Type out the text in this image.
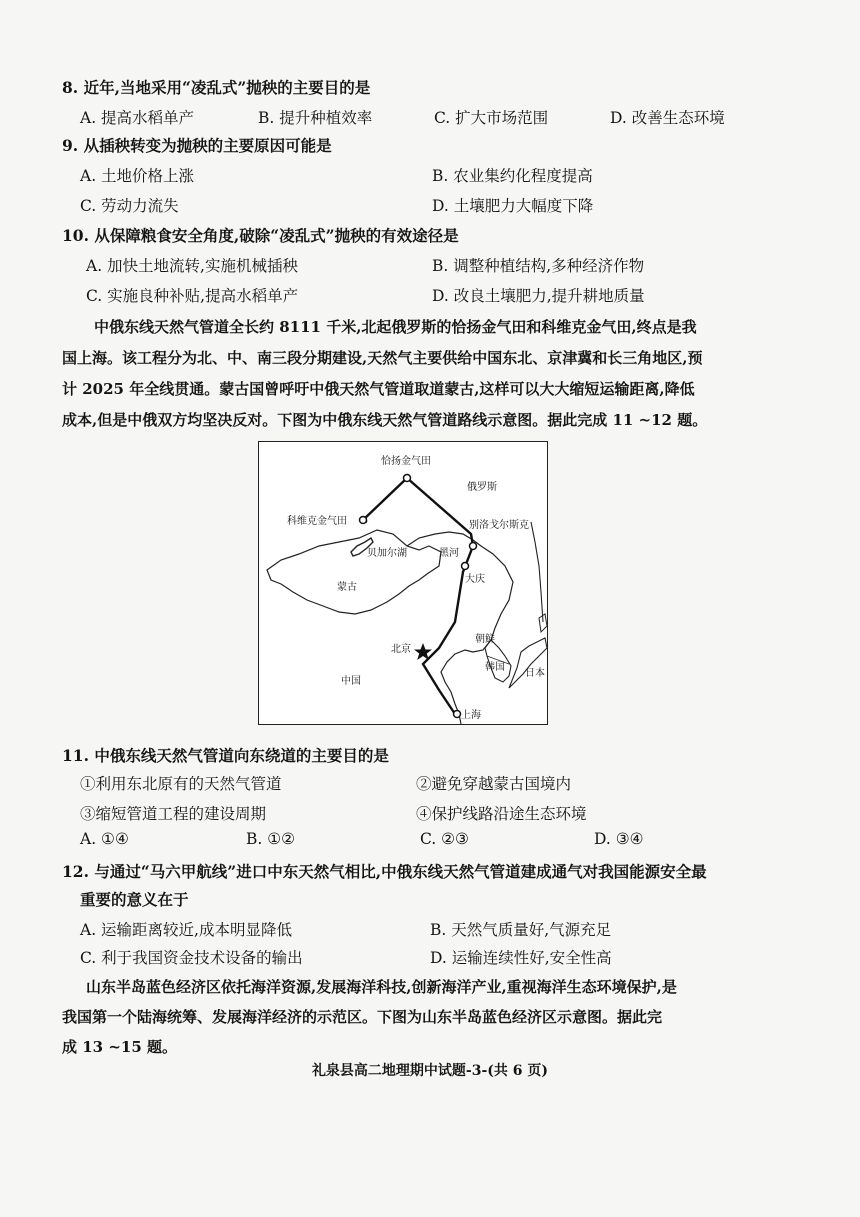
8. 近年,当地采用“凌乱式”抛秧的主要目的是
A. 提高水稻单产	B. 提升种植效率	C. 扩大市场范围	D. 改善生态环境
9. 从插秧转变为抛秧的主要原因可能是
A. 土地价格上涨	B. 农业集约化程度提高
C. 劳动力流失	D. 土壤肥力大幅度下降
10. 从保障粮食安全角度,破除“凌乱式”抛秧的有效途径是
A. 加快土地流转,实施机械插秧	B. 调整种植结构,多种经济作物
C. 实施良种补贴,提高水稻单产	D. 改良土壤肥力,提升耕地质量
中俄东线天然气管道全长约 8111 千米,北起俄罗斯的恰扬金气田和科维克金气田,终点是我
国上海。该工程分为北、中、南三段分期建设,天然气主要供给中国东北、京津冀和长三角地区,预
计 2025 年全线贯通。蒙古国曾呼吁中俄天然气管道取道蒙古,这样可以大大缩短运输距离,降低
成本,但是中俄双方均坚决反对。下图为中俄东线天然气管道路线示意图。据此完成 11 ~12 题。
恰扬金气田
俄罗斯
科维克金气田	别洛戈尔斯克
贝加尔湖	黑河
大庆
蒙古
朝鲜
北京
韩国
日本
中国
上海
11. 中俄东线天然气管道向东绕道的主要目的是
①利用东北原有的天然气管道	②避免穿越蒙古国境内
③缩短管道工程的建设周期	④保护线路沿途生态环境
A. ①④	B. ①②	C. ②③	D. ③④
12. 与通过“马六甲航线”进口中东天然气相比,中俄东线天然气管道建成通气对我国能源安全最
重要的意义在于
A. 运输距离较近,成本明显降低	B. 天然气质量好,气源充足
C. 利于我国资金技术设备的输出	D. 运输连续性好,安全性高
山东半岛蓝色经济区依托海洋资源,发展海洋科技,创新海洋产业,重视海洋生态环境保护,是
我国第一个陆海统筹、发展海洋经济的示范区。下图为山东半岛蓝色经济区示意图。据此完
成 13 ~15 题。
礼泉县高二地理期中试题-3-(共 6 页)
